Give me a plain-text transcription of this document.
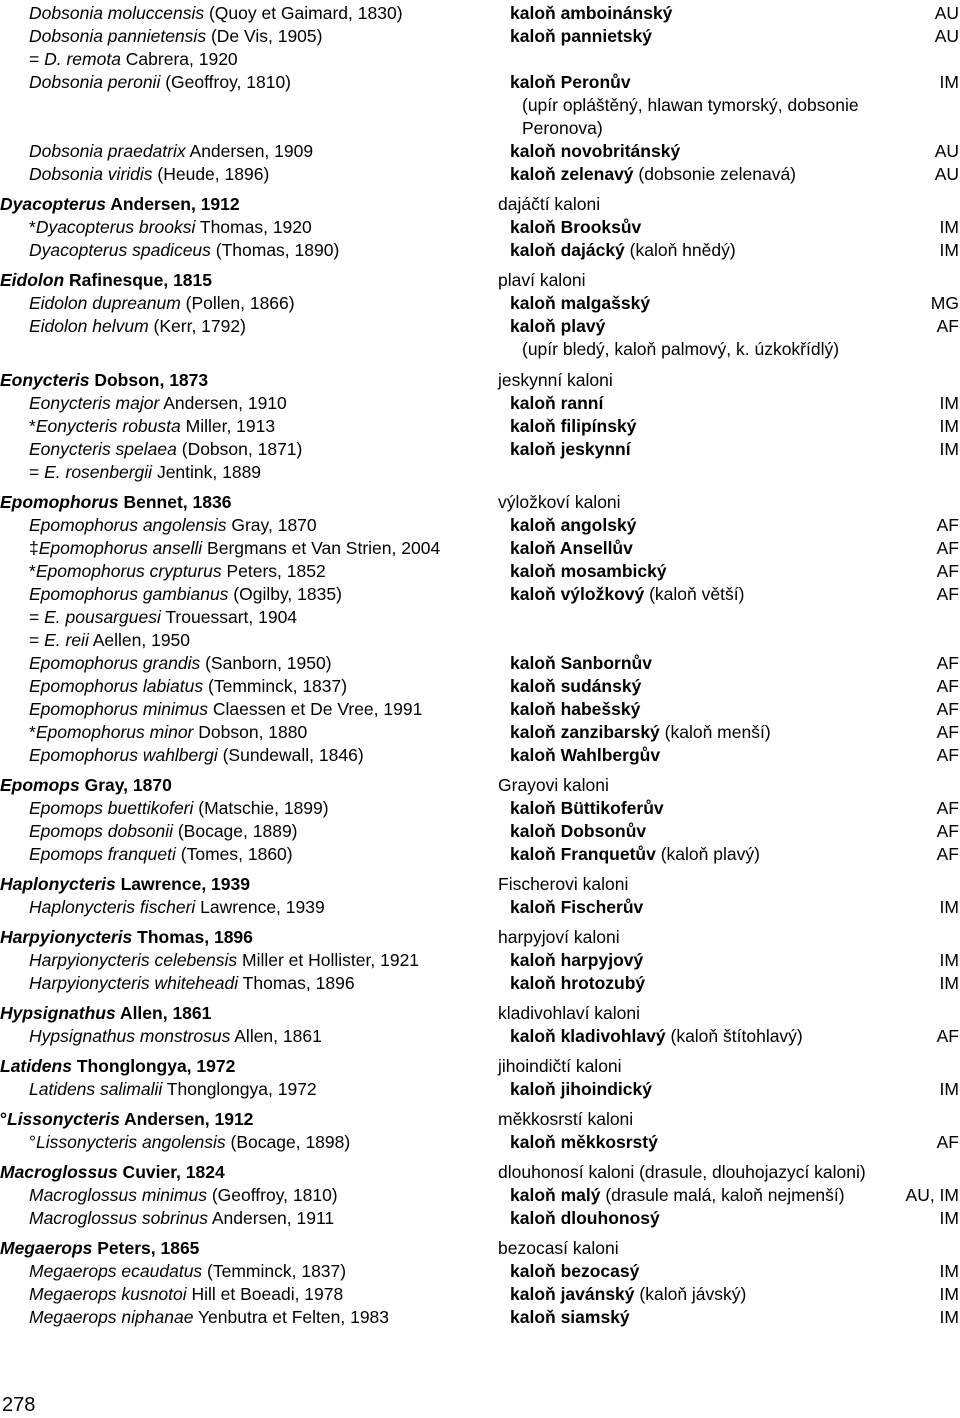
Dobsonia moluccensis (Quoy et Gaimard, 1830)	kaloň amboinánský	AU
Dobsonia pannietensis (De Vis, 1905)	kaloň pannietský	AU
= D. remota Cabrera, 1920
Dobsonia peronii (Geoffroy, 1810)	kaloň Peronův	IM
(upír opláštěný, hlawan tymorský, dobsonie
Peronova)
Dobsonia praedatrix Andersen, 1909	kaloň novobritánský	AU
Dobsonia viridis (Heude, 1896)	kaloň zelenavý (dobsonie zelenavá)	AU
Dyacopterus Andersen, 1912	dajáčtí kaloni
*Dyacopterus brooksi Thomas, 1920	kaloň Brooksův	IM
Dyacopterus spadiceus (Thomas, 1890)	kaloň dajácký (kaloň hnědý)	IM
Eidolon Rafinesque, 1815	plaví kaloni
Eidolon dupreanum (Pollen, 1866)	kaloň malgašský	MG
Eidolon helvum (Kerr, 1792)	kaloň plavý	AF
(upír bledý, kaloň palmový, k. úzkokřídlý)
Eonycteris Dobson, 1873	jeskynní kaloni
Eonycteris major Andersen, 1910	kaloň ranní	IM
*Eonycteris robusta Miller, 1913	kaloň filipínský	IM
Eonycteris spelaea (Dobson, 1871)	kaloň jeskynní	IM
= E. rosenbergii Jentink, 1889
Epomophorus Bennet, 1836	výložkoví kaloni
Epomophorus angolensis Gray, 1870	kaloň angolský	AF
‡Epomophorus anselli Bergmans et Van Strien, 2004	kaloň Ansellův	AF
*Epomophorus crypturus Peters, 1852	kaloň mosambický	AF
Epomophorus gambianus (Ogilby, 1835)	kaloň výložkový (kaloň větší)	AF
= E. pousarguesi Trouessart, 1904
= E. reii Aellen, 1950
Epomophorus grandis (Sanborn, 1950)	kaloň Sanbornův	AF
Epomophorus labiatus (Temminck, 1837)	kaloň sudánský	AF
Epomophorus minimus Claessen et De Vree, 1991	kaloň habešský	AF
*Epomophorus minor Dobson, 1880	kaloň zanzibarský (kaloň menší)	AF
Epomophorus wahlbergi (Sundewall, 1846)	kaloň Wahlbergův	AF
Epomops Gray, 1870	Grayovi kaloni
Epomops buettikoferi (Matschie, 1899)	kaloň Büttikoferův	AF
Epomops dobsonii (Bocage, 1889)	kaloň Dobsonův	AF
Epomops franqueti (Tomes, 1860)	kaloň Franquetův (kaloň plavý)	AF
Haplonycteris Lawrence, 1939	Fischerovi kaloni
Haplonycteris fischeri Lawrence, 1939	kaloň Fischerův	IM
Harpyionycteris Thomas, 1896	harpyjoví kaloni
Harpyionycteris celebensis Miller et Hollister, 1921	kaloň harpyjový	IM
Harpyionycteris whiteheadi Thomas, 1896	kaloň hrotozubý	IM
Hypsignathus Allen, 1861	kladivohlaví kaloni
Hypsignathus monstrosus Allen, 1861	kaloň kladivohlavý (kaloň štítohlavý)	AF
Latidens Thonglongya, 1972	jihoindičtí kaloni
Latidens salimalii Thonglongya, 1972	kaloň jihoindický	IM
°Lissonycteris Andersen, 1912	měkkosrstí kaloni
°Lissonycteris angolensis (Bocage, 1898)	kaloň měkkosrstý	AF
Macroglossus Cuvier, 1824	dlouhonosí kaloni (drasule, dlouhojazycí kaloni)
Macroglossus minimus (Geoffroy, 1810)	kaloň malý (drasule malá, kaloň nejmenší)	AU, IM
Macroglossus sobrinus Andersen, 1911	kaloň dlouhonosý	IM
Megaerops Peters, 1865	bezocasí kaloni
Megaerops ecaudatus (Temminck, 1837)	kaloň bezocasý	IM
Megaerops kusnotoi Hill et Boeadi, 1978	kaloň javánský (kaloň jávský)	IM
Megaerops niphanae Yenbutra et Felten, 1983	kaloň siamský	IM
278
